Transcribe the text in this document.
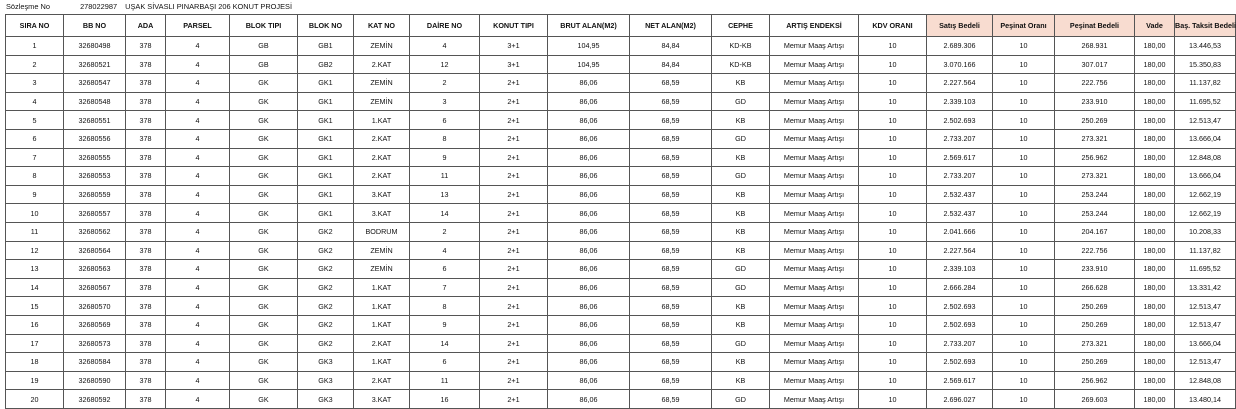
Sözleşme No	278022987 UŞAK SİVASLI PINARBAŞI 206 KONUT PROJESİ
SIRA NO	BB NO	ADA	PARSEL	BLOK TIPI	BLOK NO	KAT NO	DAİRE NO	KONUT TIPI	BRUT ALAN(M2)	NET ALAN(M2)	CEPHE	ARTIŞ ENDEKSİ	KDV ORANI	Satış Bedeli	Peşinat Oranı	Peşinat Bedeli	Vade	Baş. Taksit Bedeli
1	32680498	378	4	GB	GB1	ZEMİN	4	3+1	104,95	84,84	KD-KB	Memur Maaş Artışı	10	2.689.306	10	268.931	180,00	13.446,53
2	32680521	378	4	GB	GB2	2.KAT	12	3+1	104,95	84,84	KD-KB	Memur Maaş Artışı	10	3.070.166	10	307.017	180,00	15.350,83
3	32680547	378	4	GK	GK1	ZEMİN	2	2+1	86,06	68,59	KB	Memur Maaş Artışı	10	2.227.564	10	222.756	180,00	11.137,82
4	32680548	378	4	GK	GK1	ZEMİN	3	2+1	86,06	68,59	GD	Memur Maaş Artışı	10	2.339.103	10	233.910	180,00	11.695,52
5	32680551	378	4	GK	GK1	1.KAT	6	2+1	86,06	68,59	KB	Memur Maaş Artışı	10	2.502.693	10	250.269	180,00	12.513,47
6	32680556	378	4	GK	GK1	2.KAT	8	2+1	86,06	68,59	GD	Memur Maaş Artışı	10	2.733.207	10	273.321	180,00	13.666,04
7	32680555	378	4	GK	GK1	2.KAT	9	2+1	86,06	68,59	KB	Memur Maaş Artışı	10	2.569.617	10	256.962	180,00	12.848,08
8	32680553	378	4	GK	GK1	2.KAT	11	2+1	86,06	68,59	GD	Memur Maaş Artışı	10	2.733.207	10	273.321	180,00	13.666,04
9	32680559	378	4	GK	GK1	3.KAT	13	2+1	86,06	68,59	KB	Memur Maaş Artışı	10	2.532.437	10	253.244	180,00	12.662,19
10	32680557	378	4	GK	GK1	3.KAT	14	2+1	86,06	68,59	KB	Memur Maaş Artışı	10	2.532.437	10	253.244	180,00	12.662,19
11	32680562	378	4	GK	GK2	BODRUM	2	2+1	86,06	68,59	KB	Memur Maaş Artışı	10	2.041.666	10	204.167	180,00	10.208,33
12	32680564	378	4	GK	GK2	ZEMİN	4	2+1	86,06	68,59	KB	Memur Maaş Artışı	10	2.227.564	10	222.756	180,00	11.137,82
13	32680563	378	4	GK	GK2	ZEMİN	6	2+1	86,06	68,59	GD	Memur Maaş Artışı	10	2.339.103	10	233.910	180,00	11.695,52
14	32680567	378	4	GK	GK2	1.KAT	7	2+1	86,06	68,59	GD	Memur Maaş Artışı	10	2.666.284	10	266.628	180,00	13.331,42
15	32680570	378	4	GK	GK2	1.KAT	8	2+1	86,06	68,59	KB	Memur Maaş Artışı	10	2.502.693	10	250.269	180,00	12.513,47
16	32680569	378	4	GK	GK2	1.KAT	9	2+1	86,06	68,59	KB	Memur Maaş Artışı	10	2.502.693	10	250.269	180,00	12.513,47
17	32680573	378	4	GK	GK2	2.KAT	14	2+1	86,06	68,59	GD	Memur Maaş Artışı	10	2.733.207	10	273.321	180,00	13.666,04
18	32680584	378	4	GK	GK3	1.KAT	6	2+1	86,06	68,59	KB	Memur Maaş Artışı	10	2.502.693	10	250.269	180,00	12.513,47
19	32680590	378	4	GK	GK3	2.KAT	11	2+1	86,06	68,59	KB	Memur Maaş Artışı	10	2.569.617	10	256.962	180,00	12.848,08
20	32680592	378	4	GK	GK3	3.KAT	16	2+1	86,06	68,59	GD	Memur Maaş Artışı	10	2.696.027	10	269.603	180,00	13.480,14
